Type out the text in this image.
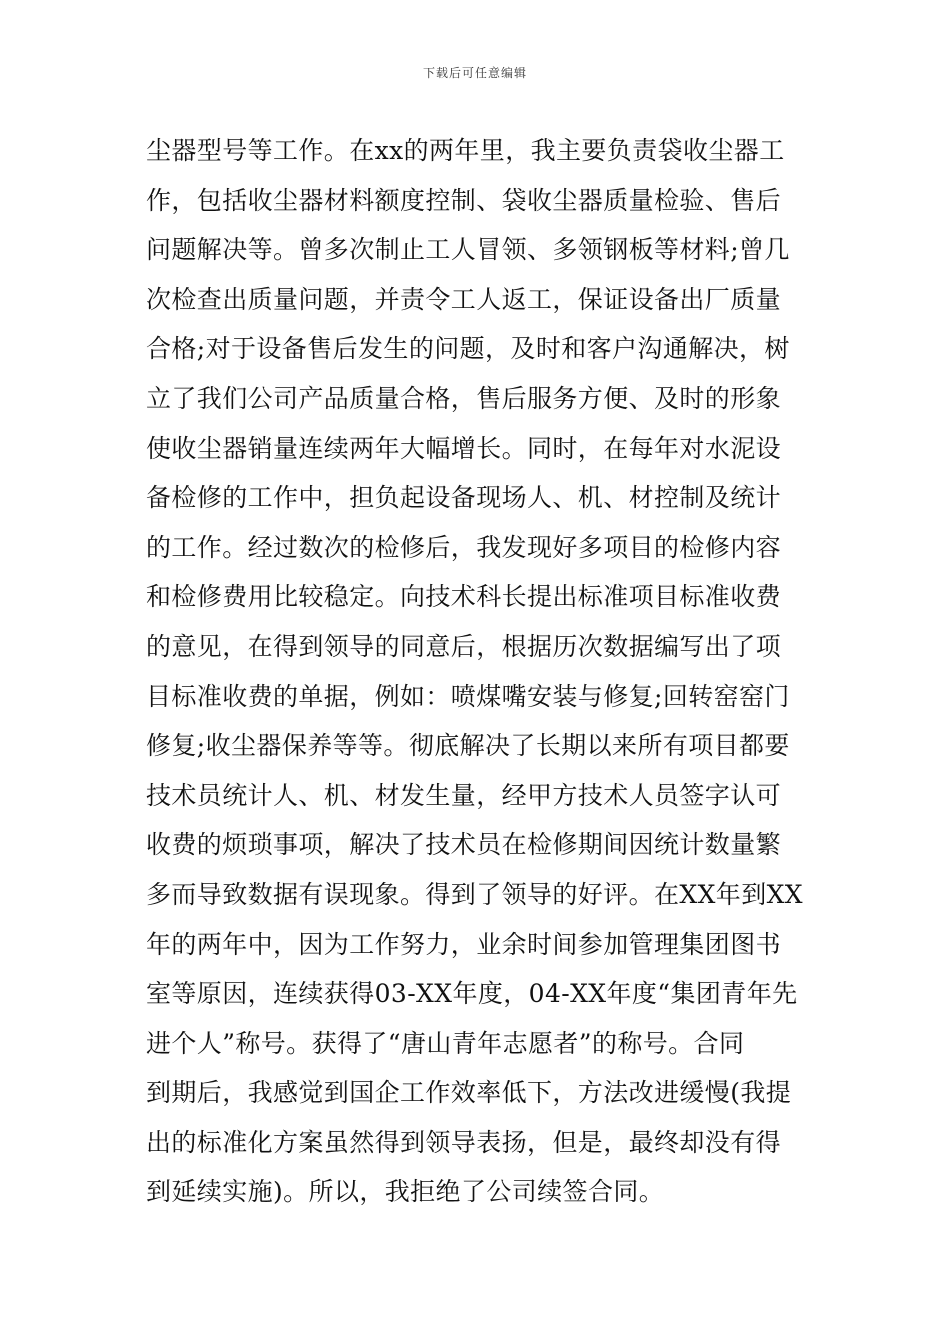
下载后可任意编辑
尘器型号等工作。在xx的两年里，我主要负责袋收尘器工
作，包括收尘器材料额度控制、袋收尘器质量检验、售后
问题解决等。曾多次制止工人冒领、多领钢板等材料;曾几
次检查出质量问题，并责令工人返工，保证设备出厂质量
合格;对于设备售后发生的问题，及时和客户沟通解决，树
立了我们公司产品质量合格，售后服务方便、及时的形象
使收尘器销量连续两年大幅增长。同时，在每年对水泥设
备检修的工作中，担负起设备现场人、机、材控制及统计
的工作。经过数次的检修后，我发现好多项目的检修内容
和检修费用比较稳定。向技术科长提出标准项目标准收费
的意见，在得到领导的同意后，根据历次数据编写出了项
目标准收费的单据，例如：喷煤嘴安装与修复;回转窑窑门
修复;收尘器保养等等。彻底解决了长期以来所有项目都要
技术员统计人、机、材发生量，经甲方技术人员签字认可
收费的烦琐事项，解决了技术员在检修期间因统计数量繁
多而导致数据有误现象。得到了领导的好评。在XX年到XX
年的两年中，因为工作努力，业余时间参加管理集团图书
室等原因，连续获得03-XX年度，04-XX年度“集团青年先
进个人”称号。获得了“唐山青年志愿者”的称号。合同
到期后，我感觉到国企工作效率低下，方法改进缓慢(我提
出的标准化方案虽然得到领导表扬，但是，最终却没有得
到延续实施)。所以，我拒绝了公司续签合同。
